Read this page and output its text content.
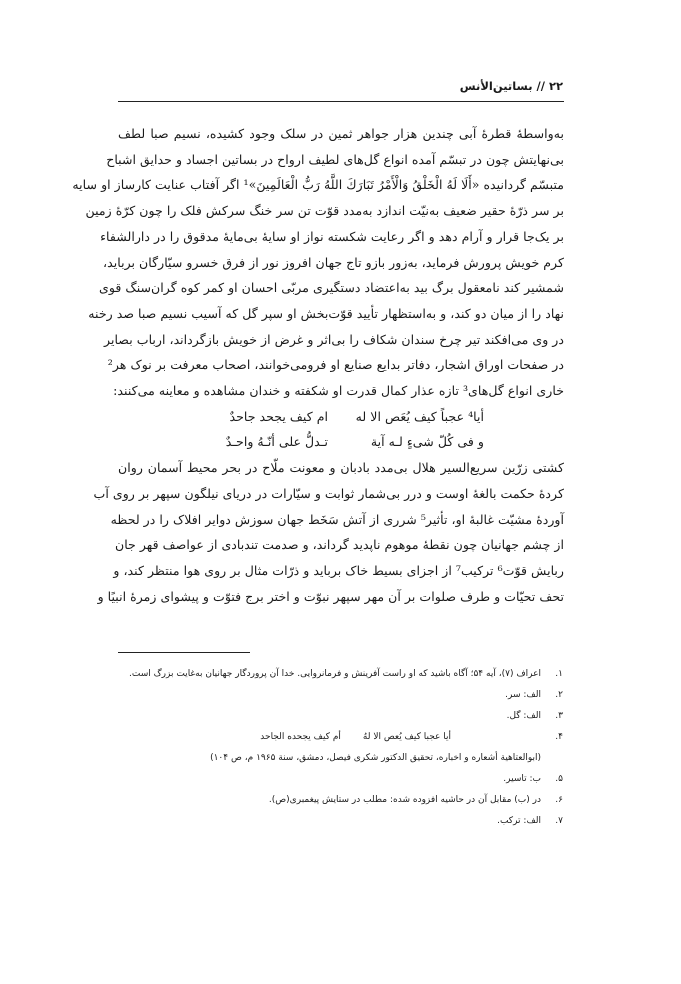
۲۲ // بساتین‌الأنس
به‌واسطۀ قطرۀ آبی چندین هزار جواهر ثمین در سلک وجود کشیده، نسیم صبا لطف
بی‌نهایتش چون در تبسّم آمده انواع گل‌های لطیف ارواح در بساتین اجساد و حدایق اشباح
متبسّم گردانیده «أَلَا لَهُ الْخَلْقُ وَالْأَمْرُ تَبَارَكَ اللَّهُ رَبُّ الْعَالَمِينَ»¹ اگر آفتاب عنایت کارساز او سایه
بر سر ذرّۀ حقیر ضعیف به‌نیّت اندازد به‌مدد قوّت تن سر خنگ سرکش فلک را چون کرّۀ زمین
بر یک‌جا قرار و آرام دهد و اگر رعایت شکسته نواز او سایۀ بی‌مایۀ مدقوق را در دارالشفاء
کرم خویش پرورش فرماید، به‌زور بازو تاج جهان افروز نور از فرق خسرو سیّارگان برباید،
شمشیر کند نامعقول برگ بید به‌اعتضاد دستگیری مربّی احسان او کمر کوه گران‌سنگ قوی
نهاد را از میان دو کند، و به‌استظهار تأیید قوّت‌بخش او سپر گل که آسیب نسیم صبا صد رخنه
در وی می‌افکند تیر چرخ سندان شکاف را بی‌اثر و غرض از خویش بازگرداند، ارباب بصایر
در صفحات اوراق اشجار، دفاتر بدایع صنایع او فرومی‌خوانند، اصحاب معرفت بر نوک هر²
خاری انواع گل‌های³ تازه عذار کمال قدرت او شکفته و خندان مشاهده و معاینه می‌کنند:
أیا⁴ عجباً کیف یُعَص الا له
ام کیف یجحد جاحدٌ
و فی کُلّ شیءٍ لـه آیة
تـدلُّ علی أنّـهُ واحـدٌ
کشتی زرّین سریع‌السیر هلال بی‌مدد بادبان و معونت ملّاح در بحر محیط آسمان روان
کردۀ حکمت بالغۀ اوست و درر بی‌شمار ثوابت و سیّارات در دریای نیلگون سپهر بر روی آب
آوردۀ مشیّت غالبۀ او، تأثیر⁵ شرری از آتش سَخَط جهان سوزش دوایر افلاک را در لحظه
از چشم جهانیان چون نقطۀ موهوم ناپدید گرداند، و صدمت تندبادی از عواصف قهر جان
ربایش قوّت⁶ ترکیب⁷ از اجزای بسیط خاک برباید و ذرّات مثال بر روی هوا منتظر کند، و
تحف تحیّات و طرف صلوات بر آن مهر سپهر نبوّت و اختر برج فتوّت و پیشوای زمرۀ انبیًا و
۱.
اعراف (۷)، آیه ۵۴؛ آگاه باشید که او راست آفرینش و فرمانروایی. خدا آن پروردگار جهانیان به‌غایت بزرگ است.
۲.
الف: سر.
۳.
الف: گل.
۴.
أیا عجبا کیف یُعص الا لهُ
أم کیف یجحده الجاحد
(ابوالعتاهیة أشعاره و اخباره، تحقیق الدکتور شکری فیصل، دمشق، سنة ۱۹۶۵ م، ص ۱۰۴)
۵.
ب: تاسیر.
۶.
در (ب) مقابل آن در حاشیه افزوده شده: مطلب در ستایش پیغمبری(ص).
۷.
الف: ترکب.
